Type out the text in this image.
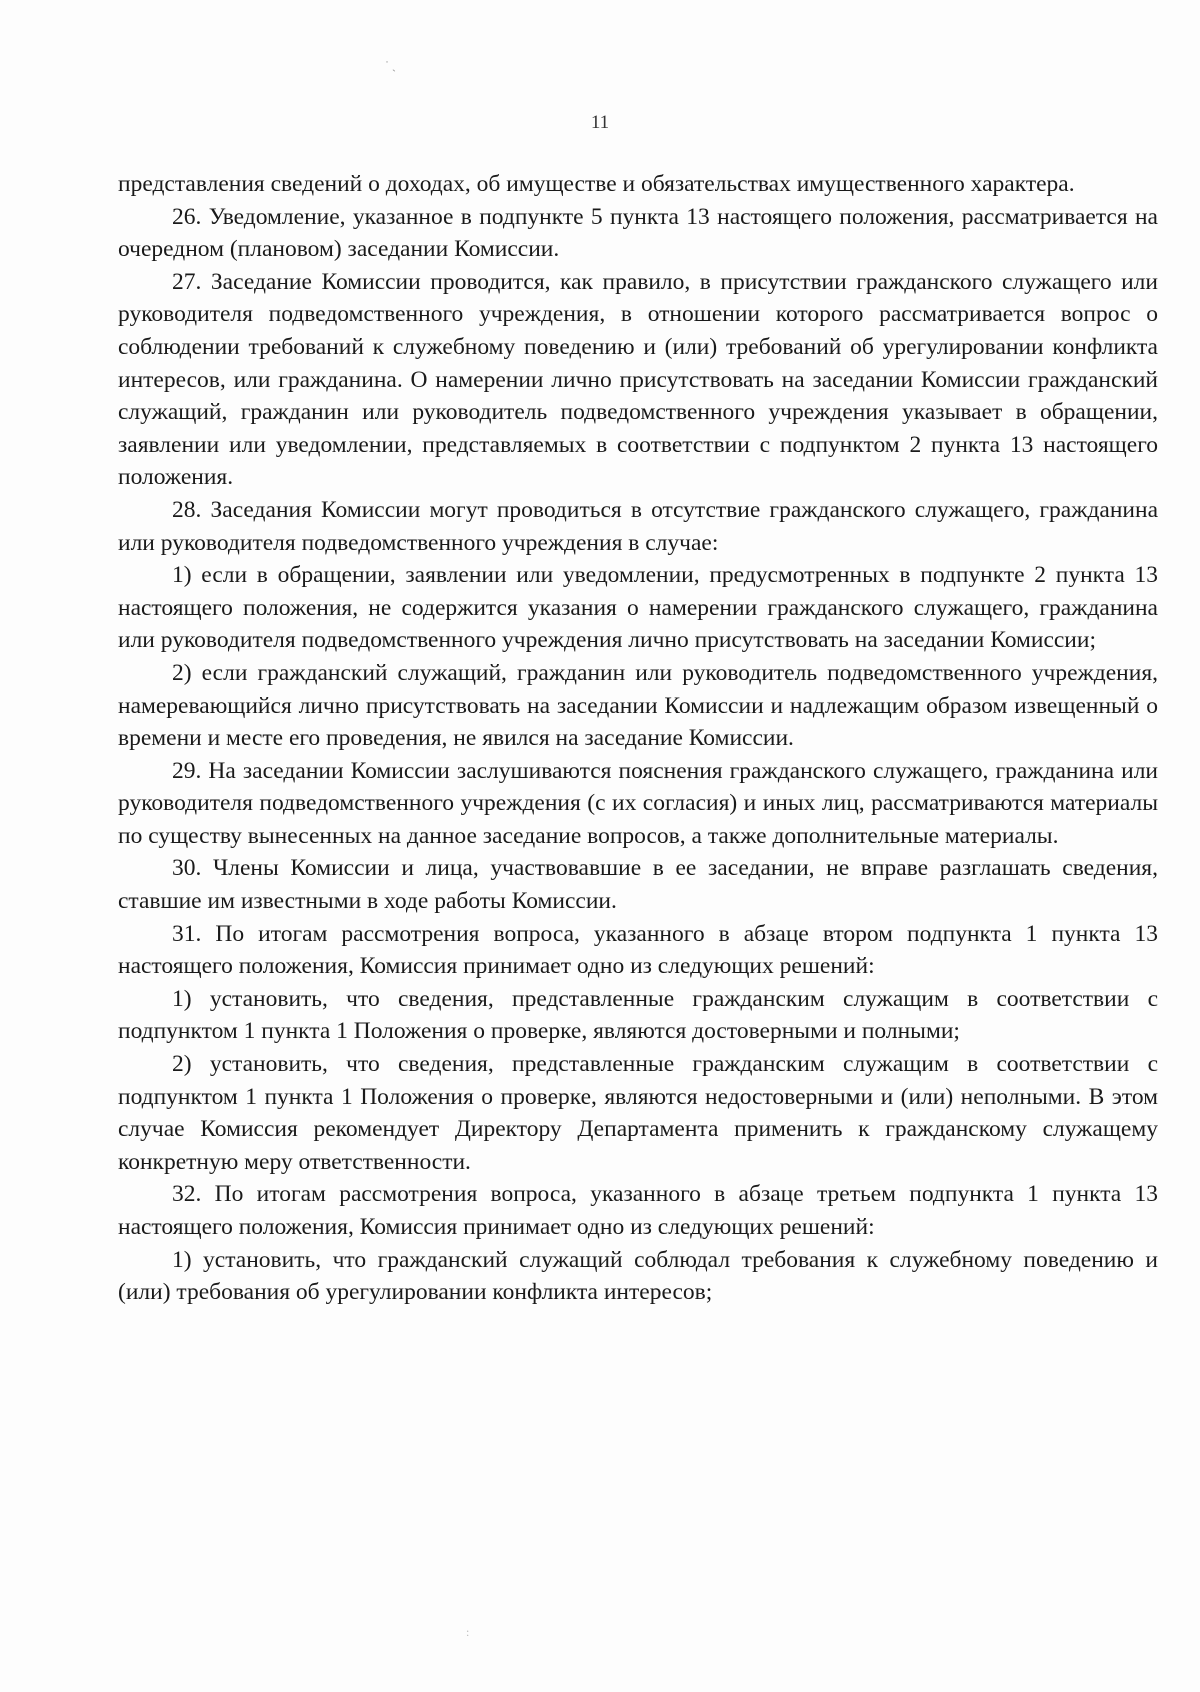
˙ ˏ
11

представления сведений о доходах, об имуществе и обязательствах имущественного характера.

26. Уведомление, указанное в подпункте 5 пункта 13 настоящего положения, рассматривается на очередном (плановом) заседании Комиссии.

27. Заседание Комиссии проводится, как правило, в присутствии гражданского служащего или руководителя подведомственного учреждения, в отношении которого рассматривается вопрос о соблюдении требований к служебному поведению и (или) требований об урегулировании конфликта интересов, или гражданина. О намерении лично присутствовать на заседании Комиссии гражданский служащий, гражданин или руководитель подведомственного учреждения указывает в обращении, заявлении или уведомлении, представляемых в соответствии с подпунктом 2 пункта 13 настоящего положения.

28. Заседания Комиссии могут проводиться в отсутствие гражданского служащего, гражданина или руководителя подведомственного учреждения в случае:

1) если в обращении, заявлении или уведомлении, предусмотренных в подпункте 2 пункта 13 настоящего положения, не содержится указания о намерении гражданского служащего, гражданина или руководителя подведомственного учреждения лично присутствовать на заседании Комиссии;

2) если гражданский служащий, гражданин или руководитель подведомственного учреждения, намеревающийся лично присутствовать на заседании Комиссии и надлежащим образом извещенный о времени и месте его проведения, не явился на заседание Комиссии.

29. На заседании Комиссии заслушиваются пояснения гражданского служащего, гражданина или руководителя подведомственного учреждения (с их согласия) и иных лиц, рассматриваются материалы по существу вынесенных на данное заседание вопросов, а также дополнительные материалы.

30. Члены Комиссии и лица, участвовавшие в ее заседании, не вправе разглашать сведения, ставшие им известными в ходе работы Комиссии.

31. По итогам рассмотрения вопроса, указанного в абзаце втором подпункта 1 пункта 13 настоящего положения, Комиссия принимает одно из следующих решений:

1) установить, что сведения, представленные гражданским служащим в соответствии с подпунктом 1 пункта 1 Положения о проверке, являются достоверными и полными;

2) установить, что сведения, представленные гражданским служащим в соответствии с подпунктом 1 пункта 1 Положения о проверке, являются недостоверными и (или) неполными. В этом случае Комиссия рекомендует Директору Департамента применить к гражданскому служащему конкретную меру ответственности.

32. По итогам рассмотрения вопроса, указанного в абзаце третьем подпункта 1 пункта 13 настоящего положения, Комиссия принимает одно из следующих решений:

1) установить, что гражданский служащий соблюдал требования к служебному поведению и (или) требования об урегулировании конфликта интересов;

:
